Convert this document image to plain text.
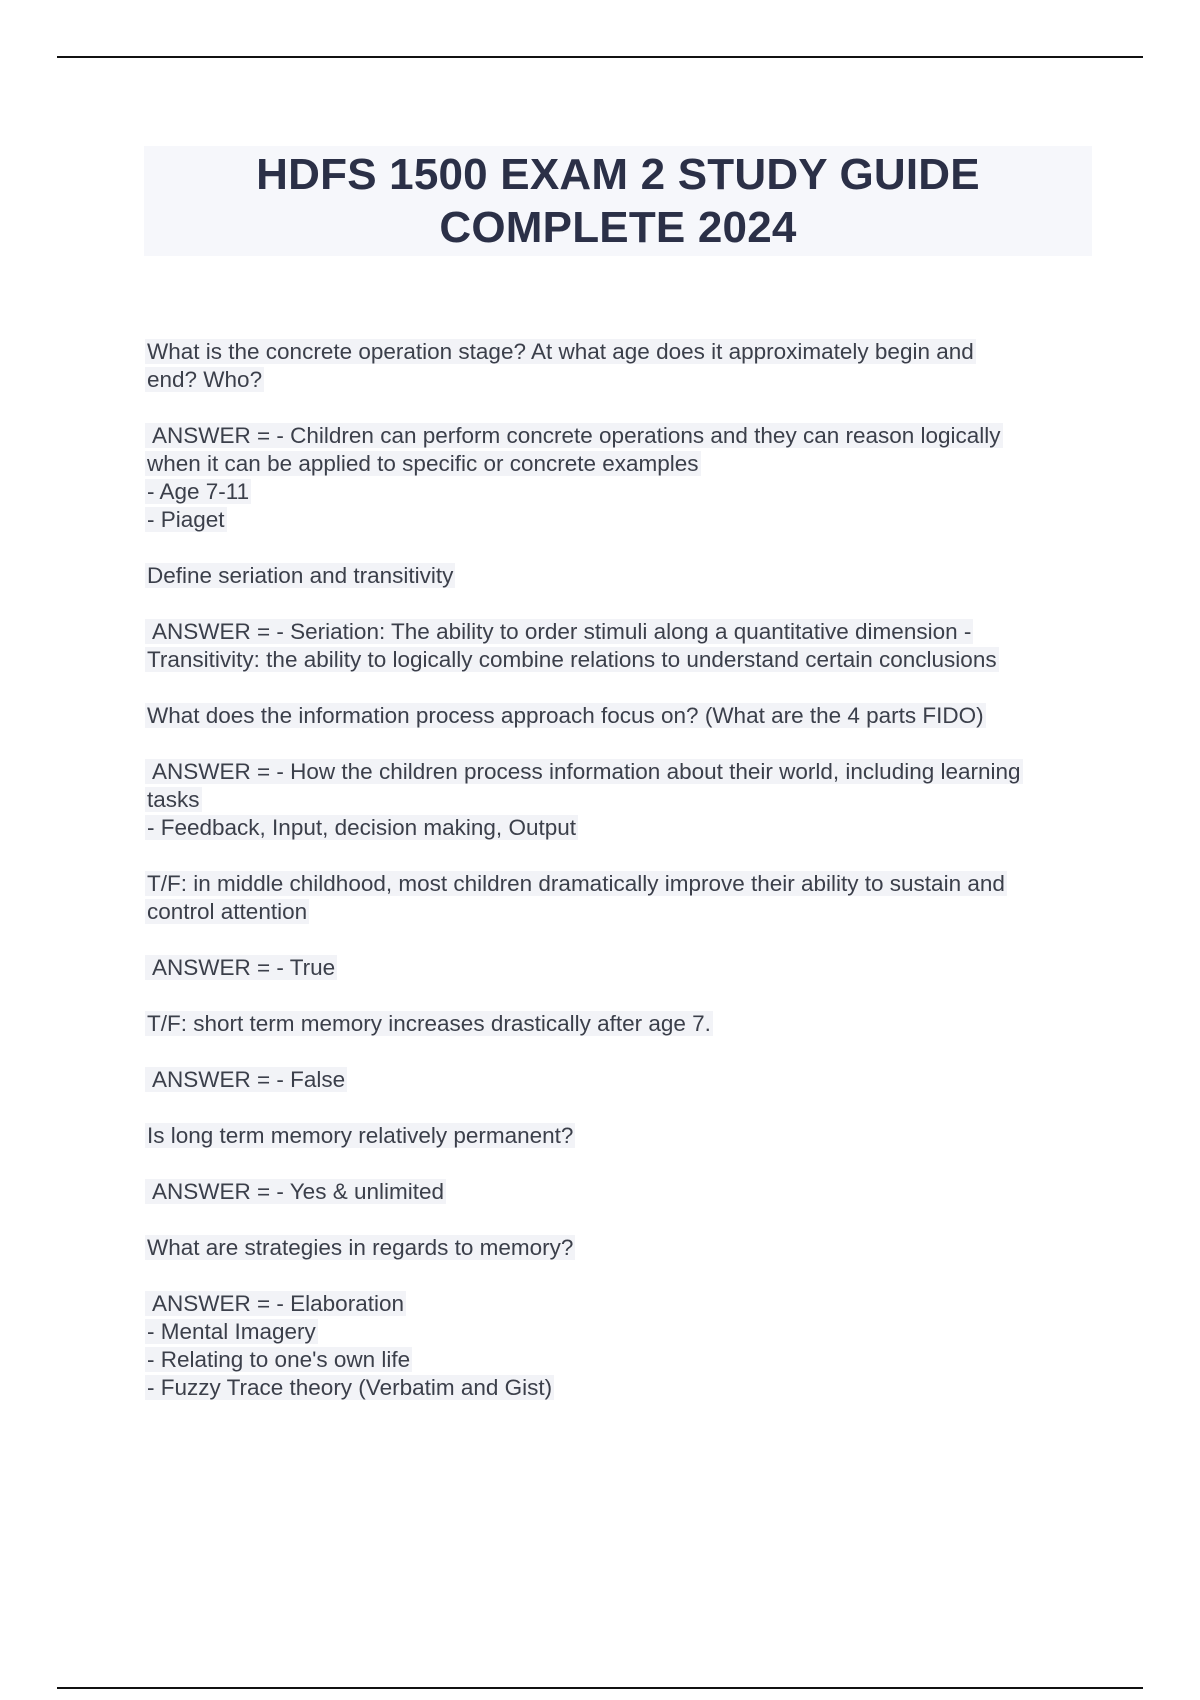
HDFS 1500 EXAM 2 STUDY GUIDE
COMPLETE 2024
What is the concrete operation stage? At what age does it approximately begin and
end? Who?
ANSWER = - Children can perform concrete operations and they can reason logically
when it can be applied to specific or concrete examples
- Age 7-11
- Piaget
Define seriation and transitivity
ANSWER = - Seriation: The ability to order stimuli along a quantitative dimension -
Transitivity: the ability to logically combine relations to understand certain conclusions
What does the information process approach focus on? (What are the 4 parts FIDO)
ANSWER = - How the children process information about their world, including learning
tasks
- Feedback, Input, decision making, Output
T/F: in middle childhood, most children dramatically improve their ability to sustain and
control attention
ANSWER = - True
T/F: short term memory increases drastically after age 7.
ANSWER = - False
Is long term memory relatively permanent?
ANSWER = - Yes & unlimited
What are strategies in regards to memory?
ANSWER = - Elaboration
- Mental Imagery
- Relating to one's own life
- Fuzzy Trace theory (Verbatim and Gist)
